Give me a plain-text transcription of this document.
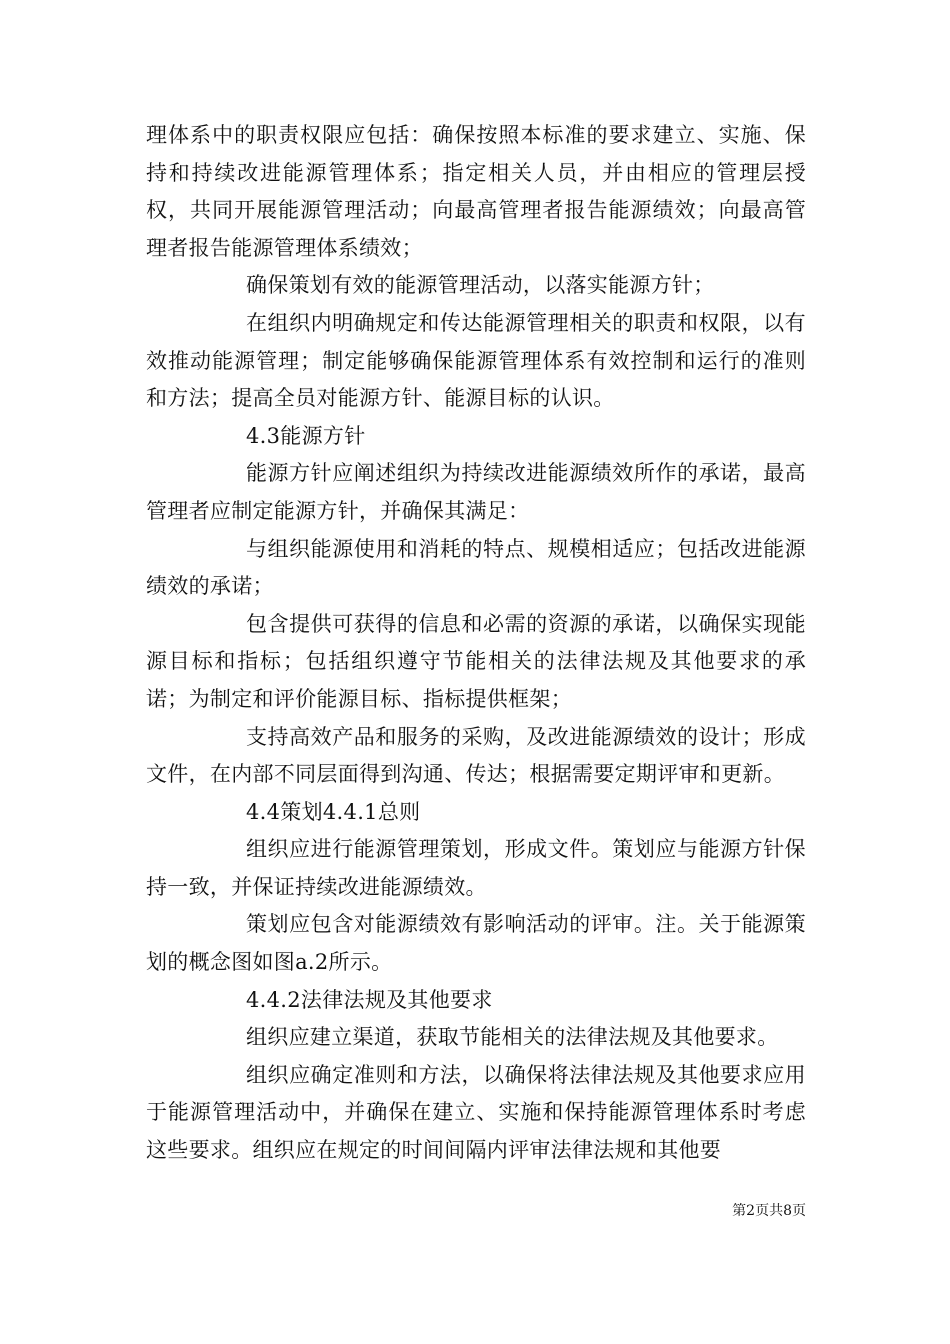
理体系中的职责权限应包括：确保按照本标准的要求建立、实施、保持和持续改进能源管理体系；指定相关人员，并由相应的管理层授权，共同开展能源管理活动；向最高管理者报告能源绩效；向最高管理者报告能源管理体系绩效；

确保策划有效的能源管理活动，以落实能源方针；

在组织内明确规定和传达能源管理相关的职责和权限，以有效推动能源管理；制定能够确保能源管理体系有效控制和运行的准则和方法；提高全员对能源方针、能源目标的认识。

4.3能源方针

能源方针应阐述组织为持续改进能源绩效所作的承诺，最高管理者应制定能源方针，并确保其满足：

与组织能源使用和消耗的特点、规模相适应；包括改进能源绩效的承诺；

包含提供可获得的信息和必需的资源的承诺，以确保实现能源目标和指标；包括组织遵守节能相关的法律法规及其他要求的承诺；为制定和评价能源目标、指标提供框架；

支持高效产品和服务的采购，及改进能源绩效的设计；形成文件，在内部不同层面得到沟通、传达；根据需要定期评审和更新。

4.4策划4.4.1总则

组织应进行能源管理策划，形成文件。策划应与能源方针保持一致，并保证持续改进能源绩效。

策划应包含对能源绩效有影响活动的评审。注。关于能源策划的概念图如图a.2所示。

4.4.2法律法规及其他要求

组织应建立渠道，获取节能相关的法律法规及其他要求。

组织应确定准则和方法，以确保将法律法规及其他要求应用于能源管理活动中，并确保在建立、实施和保持能源管理体系时考虑这些要求。组织应在规定的时间间隔内评审法律法规和其他要

第2页共8页
